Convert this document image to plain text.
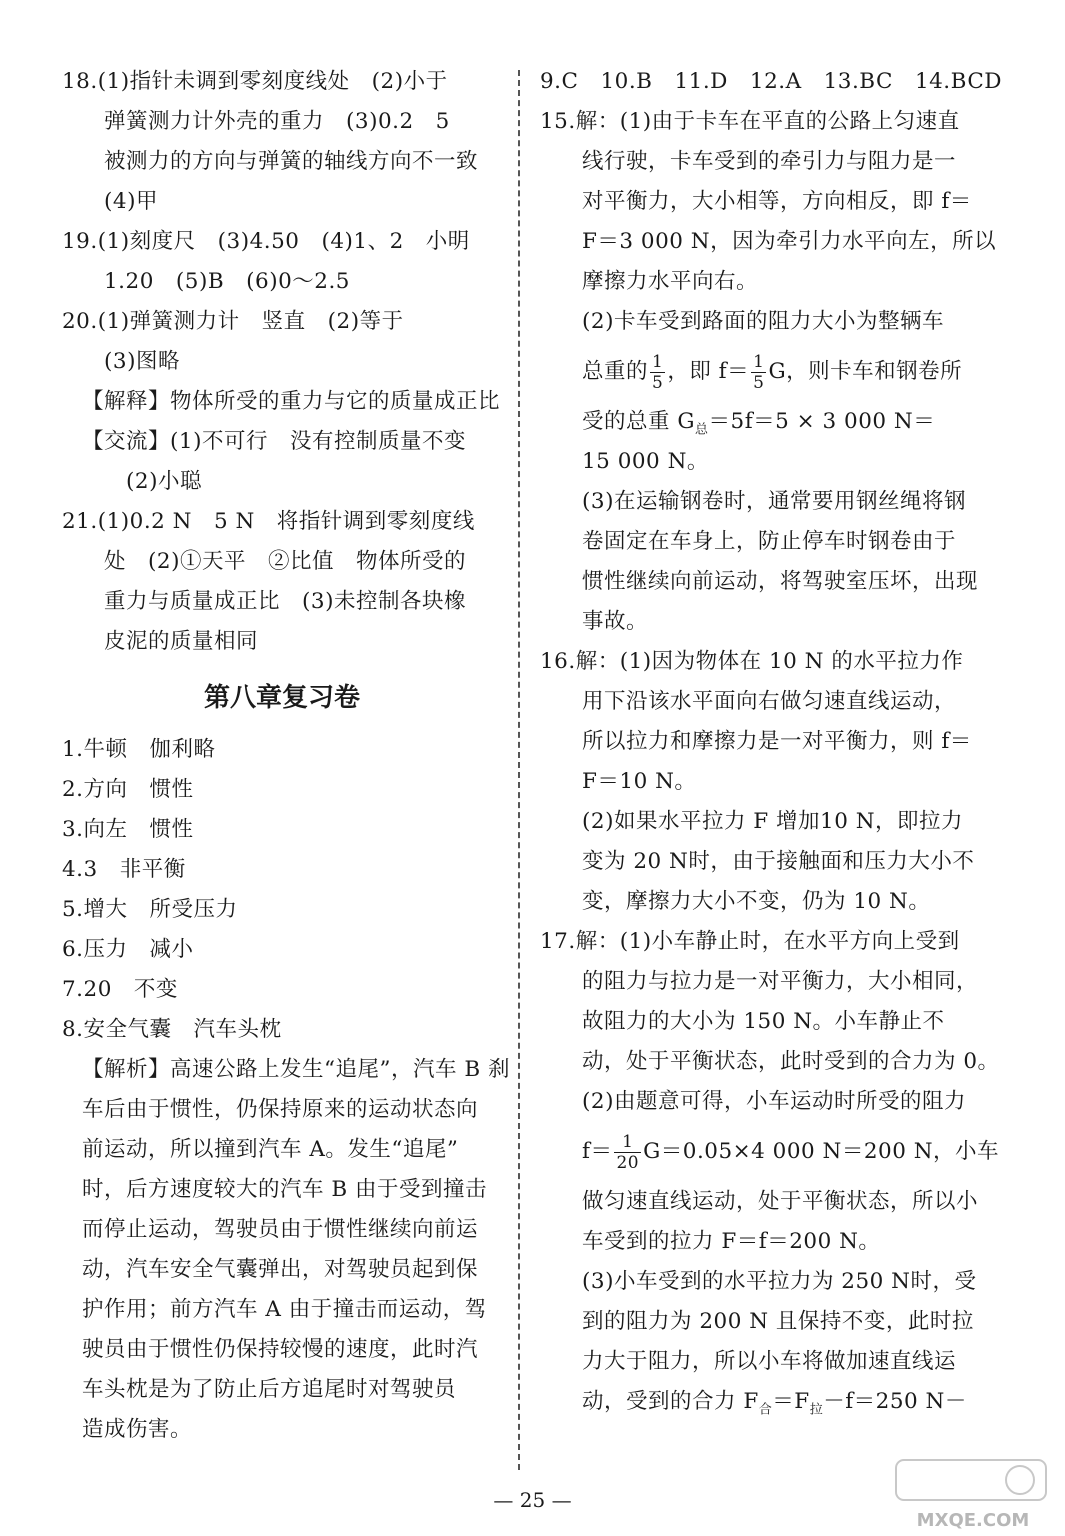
18.(1)指针未调到零刻度线处　(2)小于
弹簧测力计外壳的重力　(3)0.2　5
被测力的方向与弹簧的轴线方向不一致
(4)甲
19.(1)刻度尺　(3)4.50　(4)1、2　小明
1.20　(5)B　(6)0～2.5
20.(1)弹簧测力计　竖直　(2)等于
(3)图略
【解释】物体所受的重力与它的质量成正比
【交流】(1)不可行　没有控制质量不变
(2)小聪
21.(1)0.2 N　5 N　将指针调到零刻度线
处　(2)①天平　②比值　物体所受的
重力与质量成正比　(3)未控制各块橡
皮泥的质量相同
第八章复习卷
1.牛顿　伽利略
2.方向　惯性
3.向左　惯性
4.3　非平衡
5.增大　所受压力
6.压力　减小
7.20　不变
8.安全气囊　汽车头枕
【解析】高速公路上发生“追尾”，汽车 B 刹
车后由于惯性，仍保持原来的运动状态向
前运动，所以撞到汽车 A。发生“追尾”
时，后方速度较大的汽车 B 由于受到撞击
而停止运动，驾驶员由于惯性继续向前运
动，汽车安全气囊弹出，对驾驶员起到保
护作用；前方汽车 A 由于撞击而运动，驾
驶员由于惯性仍保持较慢的速度，此时汽
车头枕是为了防止后方追尾时对驾驶员
造成伤害。
9.C　10.B　11.D　12.A　13.BC　14.BCD
15.解：(1)由于卡车在平直的公路上匀速直
线行驶，卡车受到的牵引力与阻力是一
对平衡力，大小相等，方向相反，即 f＝
F＝3 000 N，因为牵引力水平向左，所以
摩擦力水平向右。
(2)卡车受到路面的阻力大小为整辆车
总重的 $\frac{1}{5}$ ，即 $f= \frac{1}{5}$ G，则卡车和钢卷所
受的总重 $G_总=5f=5 \times 3$ 000 N＝
15 000 N。
(3)在运输钢卷时，通常要用钢丝绳将钢
卷固定在车身上，防止停车时钢卷由于
惯性继续向前运动，将驾驶室压坏，出现
事故。
16.解：(1)因为物体在 10 N 的水平拉力作
用下沿该水平面向右做匀速直线运动，
所以拉力和摩擦力是一对平衡力，则 f＝
F＝10 N。
(2)如果水平拉力 F 增加10 N，即拉力
变为 20 N时，由于接触面和压力大小不
变，摩擦力大小不变，仍为 10 N。
17.解：(1)小车静止时，在水平方向上受到
的阻力与拉力是一对平衡力，大小相同，
故阻力的大小为 150 N。小车静止不
动，处于平衡状态，此时受到的合力为 0。
(2)由题意可得，小车运动时所受的阻力
$f= \frac{1}{20} G=0.05\times 4$ 000 N＝200 N，小车
做匀速直线运动，处于平衡状态，所以小
车受到的拉力 F＝f＝200 N。
(3)小车受到的水平拉力为 250 N时，受
到的阻力为 200 N 且保持不变，此时拉
力大于阻力，所以小车将做加速直线运
动，受到的合力 $F_合=F_拉-f=250$ N－
— 25 —
MXQE.COM
